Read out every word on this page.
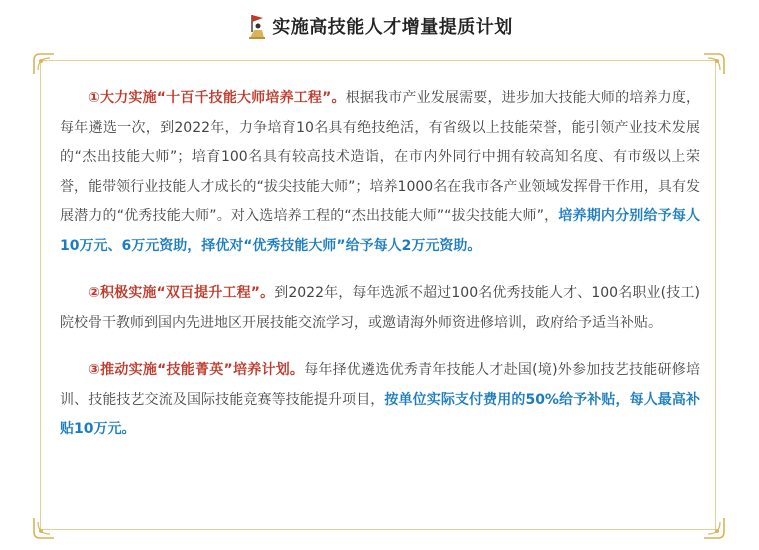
实施高技能人才增量提质计划

①大力实施“十百千技能大师培养工程”。根据我市产业发展需要，进步加大技能大师的培养力度，每年遴选一次，到2022年，力争培育10名具有绝技绝活，有省级以上技能荣誉，能引领产业技术发展的“杰出技能大师”；培育100名具有较高技术造诣，在市内外同行中拥有较高知名度、有市级以上荣誉，能带领行业技能人才成长的“拔尖技能大师”；培养1000名在我市各产业领域发挥骨干作用，具有发展潜力的“优秀技能大师”。对入选培养工程的“杰出技能大师”“拔尖技能大师”，培养期内分别给予每人10万元、6万元资助，择优对“优秀技能大师”给予每人2万元资助。

②积极实施“双百提升工程”。到2022年，每年选派不超过100名优秀技能人才、100名职业(技工)院校骨干教师到国内先进地区开展技能交流学习，或邀请海外师资进修培训，政府给予适当补贴。

③推动实施“技能菁英”培养计划。每年择优遴选优秀青年技能人才赴国(境)外参加技艺技能研修培训、技能技艺交流及国际技能竞赛等技能提升项目，按单位实际支付费用的50%给予补贴，每人最高补贴10万元。
